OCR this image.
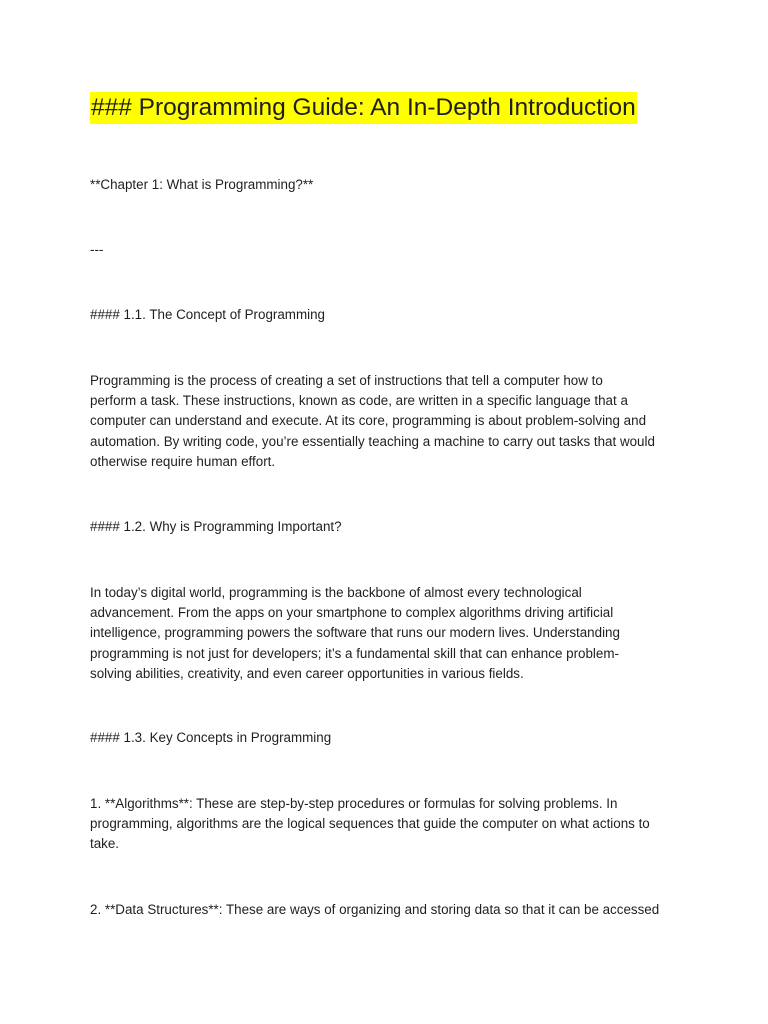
### Programming Guide: An In-Depth Introduction
**Chapter 1: What is Programming?**
---
#### 1.1. The Concept of Programming
Programming is the process of creating a set of instructions that tell a computer how to
perform a task. These instructions, known as code, are written in a specific language that a
computer can understand and execute. At its core, programming is about problem-solving and
automation. By writing code, you’re essentially teaching a machine to carry out tasks that would
otherwise require human effort.
#### 1.2. Why is Programming Important?
In today’s digital world, programming is the backbone of almost every technological
advancement. From the apps on your smartphone to complex algorithms driving artificial
intelligence, programming powers the software that runs our modern lives. Understanding
programming is not just for developers; it’s a fundamental skill that can enhance problem-
solving abilities, creativity, and even career opportunities in various fields.
#### 1.3. Key Concepts in Programming
1. **Algorithms**: These are step-by-step procedures or formulas for solving problems. In
programming, algorithms are the logical sequences that guide the computer on what actions to
take.
2. **Data Structures**: These are ways of organizing and storing data so that it can be accessed
